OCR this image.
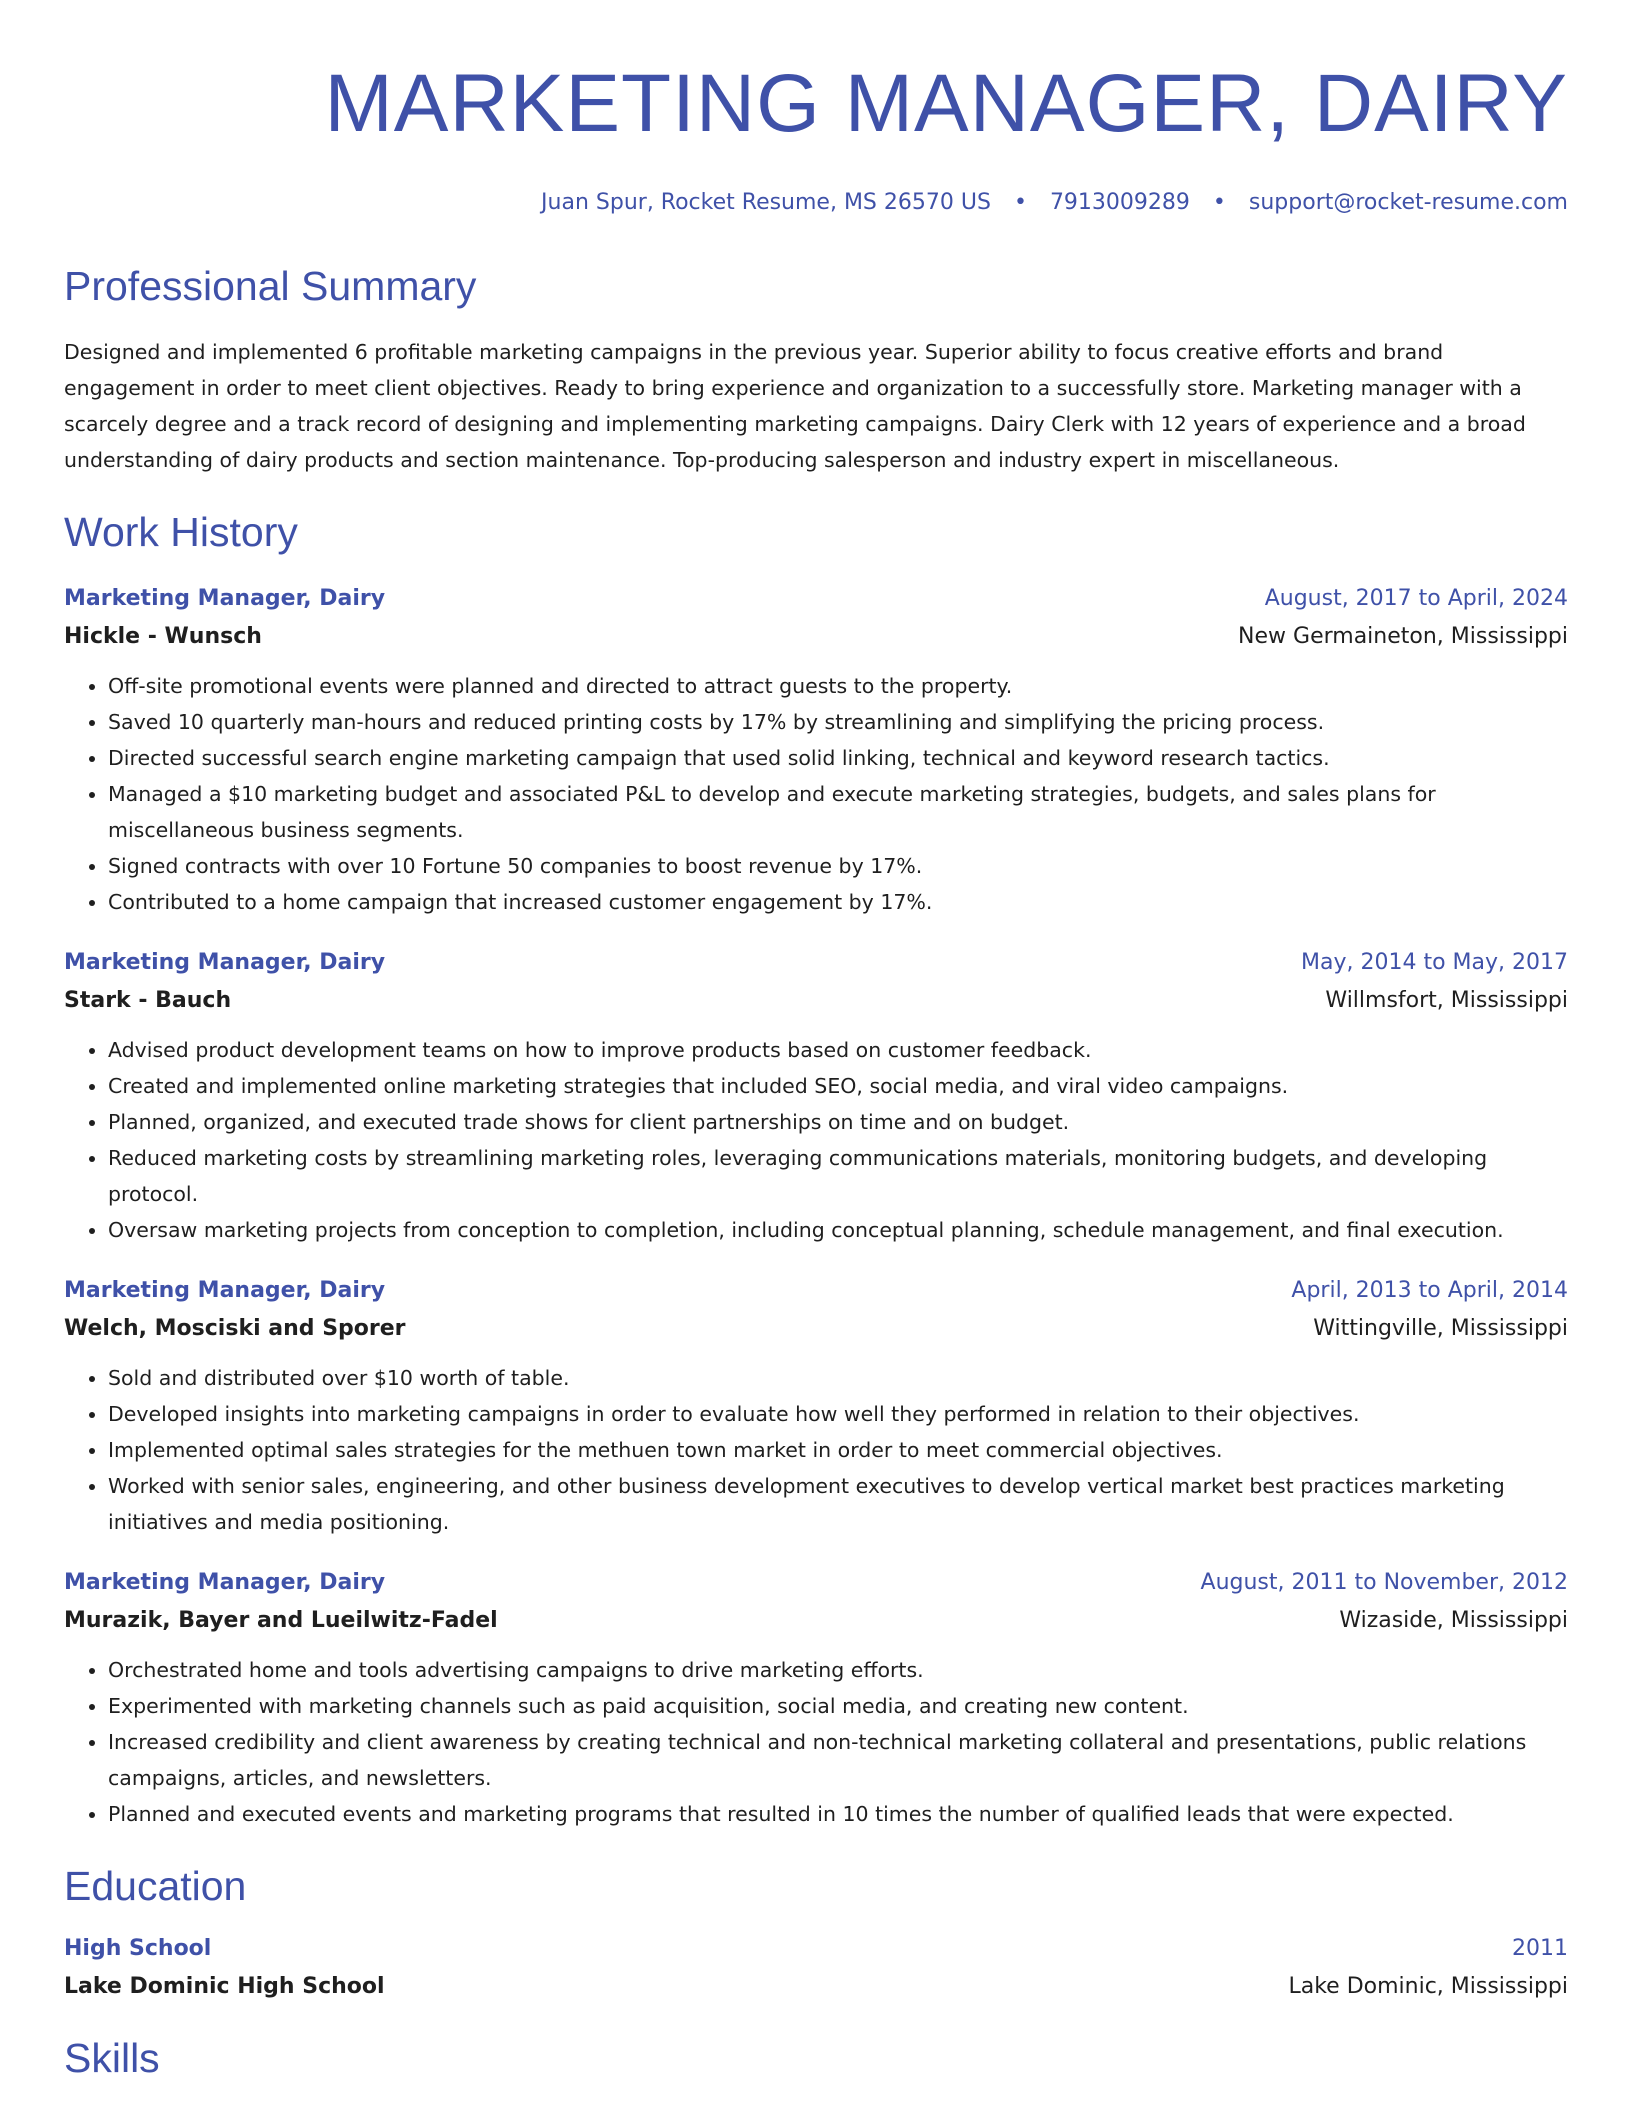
MARKETING MANAGER, DAIRY
Juan Spur, Rocket Resume, MS 26570 US • 7913009289 • support@rocket-resume.com
Professional Summary

Designed and implemented 6 profitable marketing campaigns in the previous year. Superior ability to focus creative efforts and brand engagement in order to meet client objectives. Ready to bring experience and organization to a successfully store. Marketing manager with a scarcely degree and a track record of designing and implementing marketing campaigns. Dairy Clerk with 12 years of experience and a broad understanding of dairy products and section maintenance. Top-producing salesperson and industry expert in miscellaneous.

Work History
Marketing Manager, Dairy	August, 2017 to April, 2024
Hickle - Wunsch	New Germaineton, Mississippi
• Off-site promotional events were planned and directed to attract guests to the property.
• Saved 10 quarterly man-hours and reduced printing costs by 17% by streamlining and simplifying the pricing process.
• Directed successful search engine marketing campaign that used solid linking, technical and keyword research tactics.
• Managed a $10 marketing budget and associated P&L to develop and execute marketing strategies, budgets, and sales plans for miscellaneous business segments.
• Signed contracts with over 10 Fortune 50 companies to boost revenue by 17%.
• Contributed to a home campaign that increased customer engagement by 17%.
Marketing Manager, Dairy	May, 2014 to May, 2017
Stark - Bauch	Willmsfort, Mississippi
• Advised product development teams on how to improve products based on customer feedback.
• Created and implemented online marketing strategies that included SEO, social media, and viral video campaigns.
• Planned, organized, and executed trade shows for client partnerships on time and on budget.
• Reduced marketing costs by streamlining marketing roles, leveraging communications materials, monitoring budgets, and developing protocol.
• Oversaw marketing projects from conception to completion, including conceptual planning, schedule management, and final execution.
Marketing Manager, Dairy	April, 2013 to April, 2014
Welch, Mosciski and Sporer	Wittingville, Mississippi
• Sold and distributed over $10 worth of table.
• Developed insights into marketing campaigns in order to evaluate how well they performed in relation to their objectives.
• Implemented optimal sales strategies for the methuen town market in order to meet commercial objectives.
• Worked with senior sales, engineering, and other business development executives to develop vertical market best practices marketing initiatives and media positioning.
Marketing Manager, Dairy	August, 2011 to November, 2012
Murazik, Bayer and Lueilwitz-Fadel	Wizaside, Mississippi
• Orchestrated home and tools advertising campaigns to drive marketing efforts.
• Experimented with marketing channels such as paid acquisition, social media, and creating new content.
• Increased credibility and client awareness by creating technical and non-technical marketing collateral and presentations, public relations campaigns, articles, and newsletters.
• Planned and executed events and marketing programs that resulted in 10 times the number of qualified leads that were expected.
Education
High School	2011
Lake Dominic High School	Lake Dominic, Mississippi
Skills
